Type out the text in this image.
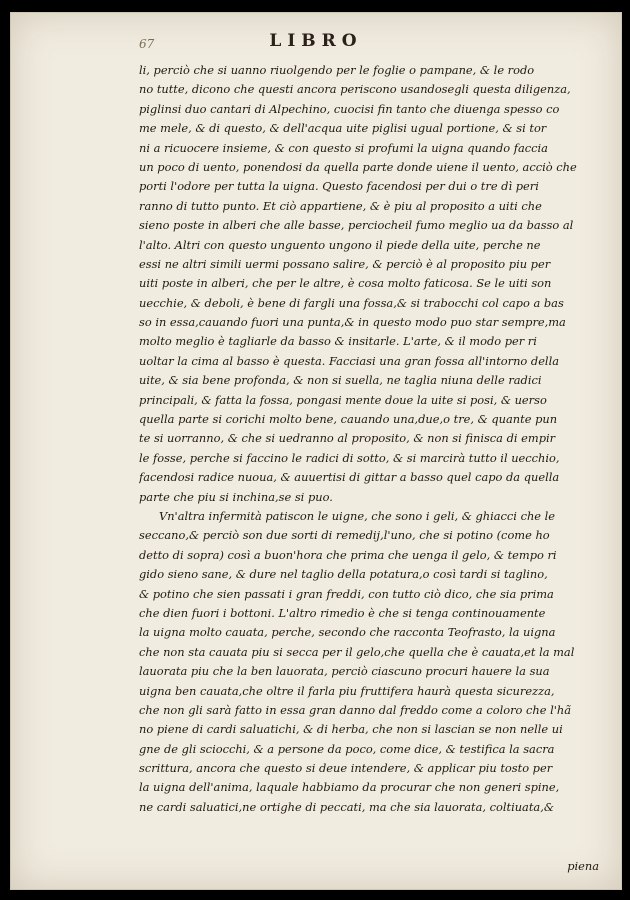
67	LIBRO
li, perciò che si uanno riuolgendo per le foglie o pampane, & le rodo
no tutte, dicono che questi ancora periscono usandosegli questa diligenza,
piglinsi duo cantari di Alpechino, cuocisi fin tanto che diuenga spesso co
me mele, & di questo, & dell'acqua uite piglisi ugual portione, & si tor
ni a ricuocere insieme, & con questo si profumi la uigna quando faccia
un poco di uento, ponendosi da quella parte donde uiene il uento, acciò che
porti l'odore per tutta la uigna. Questo facendosi per dui o tre dì peri
ranno di tutto punto. Et ciò appartiene, & è piu al proposito a uiti che
sieno poste in alberi che alle basse, perciocheil fumo meglio ua da basso al
l'alto. Altri con questo unguento ungono il piede della uite, perche ne
essi ne altri simili uermi possano salire, & perciò è al proposito piu per
uiti poste in alberi, che per le altre, è cosa molto faticosa. Se le uiti son
uecchie, & deboli, è bene di fargli una fossa,& si trabocchi col capo a bas
so in essa,cauando fuori una punta,& in questo modo puo star sempre,ma
molto meglio è tagliarle da basso & insitarle. L'arte, & il modo per ri
uoltar la cima al basso è questa. Facciasi una gran fossa all'intorno della
uite, & sia bene profonda, & non si suella, ne taglia niuna delle radici
principali, & fatta la fossa, pongasi mente doue la uite si posi, & uerso
quella parte si corichi molto bene, cauando una,due,o tre, & quante pun
te si uorranno, & che si uedranno al proposito, & non si finisca di empir
le fosse, perche si faccino le radici di sotto, & si marcirà tutto il uecchio,
facendosi radice nuoua, & auuertisi di gittar a basso quel capo da quella
parte che piu si inchina,se si puo.
Vn'altra infermità patiscon le uigne, che sono i geli, & ghiacci che le
seccano,& perciò son due sorti di remedij,l'uno, che si potino (come ho
detto di sopra) così a buon'hora che prima che uenga il gelo, & tempo ri
gido sieno sane, & dure nel taglio della potatura,o così tardi si taglino,
& potino che sien passati i gran freddi, con tutto ciò dico, che sia prima
che dien fuori i bottoni. L'altro rimedio è che si tenga continouamente
la uigna molto cauata, perche, secondo che racconta Teofrasto, la uigna
che non sta cauata piu si secca per il gelo,che quella che è cauata,et la mal
lauorata piu che la ben lauorata, perciò ciascuno procuri hauere la sua
uigna ben cauata,che oltre il farla piu fruttifera haurà questa sicurezza,
che non gli sarà fatto in essa gran danno dal freddo come a coloro che l'hã
no piene di cardi saluatichi, & di herba, che non si lascian se non nelle ui
gne de gli sciocchi, & a persone da poco, come dice, & testifica la sacra
scrittura, ancora che questo si deue intendere, & applicar piu tosto per
la uigna dell'anima, laquale habbiamo da procurar che non generi spine,
ne cardi saluatici,ne ortighe di peccati, ma che sia lauorata, coltiuata,&
piena
